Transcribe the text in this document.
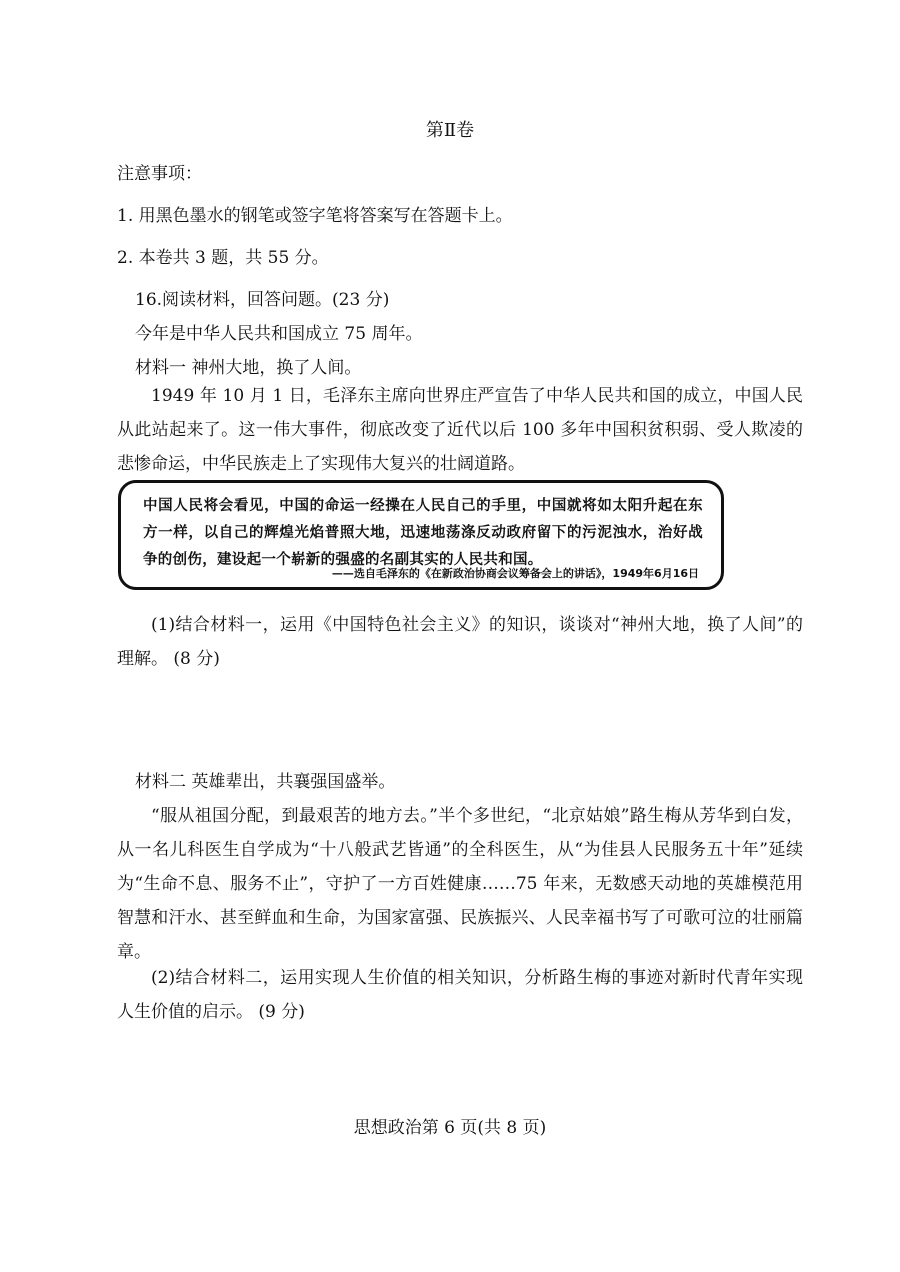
第Ⅱ卷
注意事项：
1. 用黑色墨水的钢笔或签字笔将答案写在答题卡上。
2. 本卷共 3 题，共 55 分。
16.阅读材料，回答问题。(23 分)
今年是中华人民共和国成立 75 周年。
材料一 神州大地，换了人间。
1949 年 10 月 1 日，毛泽东主席向世界庄严宣告了中华人民共和国的成立，中国人民从此站起来了。这一伟大事件，彻底改变了近代以后 100 多年中国积贫积弱、受人欺凌的悲惨命运，中华民族走上了实现伟大复兴的壮阔道路。
中国人民将会看见，中国的命运一经操在人民自己的手里，中国就将如太阳升起在东方一样，以自己的辉煌光焰普照大地，迅速地荡涤反动政府留下的污泥浊水，治好战争的创伤，建设起一个崭新的强盛的名副其实的人民共和国。
——选自毛泽东的《在新政治协商会议筹备会上的讲话》，1949年6月16日
(1)结合材料一，运用《中国特色社会主义》的知识，谈谈对“神州大地，换了人间”的理解。 (8 分)
材料二 英雄辈出，共襄强国盛举。
“服从祖国分配，到最艰苦的地方去。”半个多世纪，“北京姑娘”路生梅从芳华到白发，从一名儿科医生自学成为“十八般武艺皆通”的全科医生，从“为佳县人民服务五十年”延续为“生命不息、服务不止”，守护了一方百姓健康……75 年来，无数感天动地的英雄模范用智慧和汗水、甚至鲜血和生命，为国家富强、民族振兴、人民幸福书写了可歌可泣的壮丽篇章。
(2)结合材料二，运用实现人生价值的相关知识，分析路生梅的事迹对新时代青年实现人生价值的启示。 (9 分)
思想政治第 6 页(共 8 页)
